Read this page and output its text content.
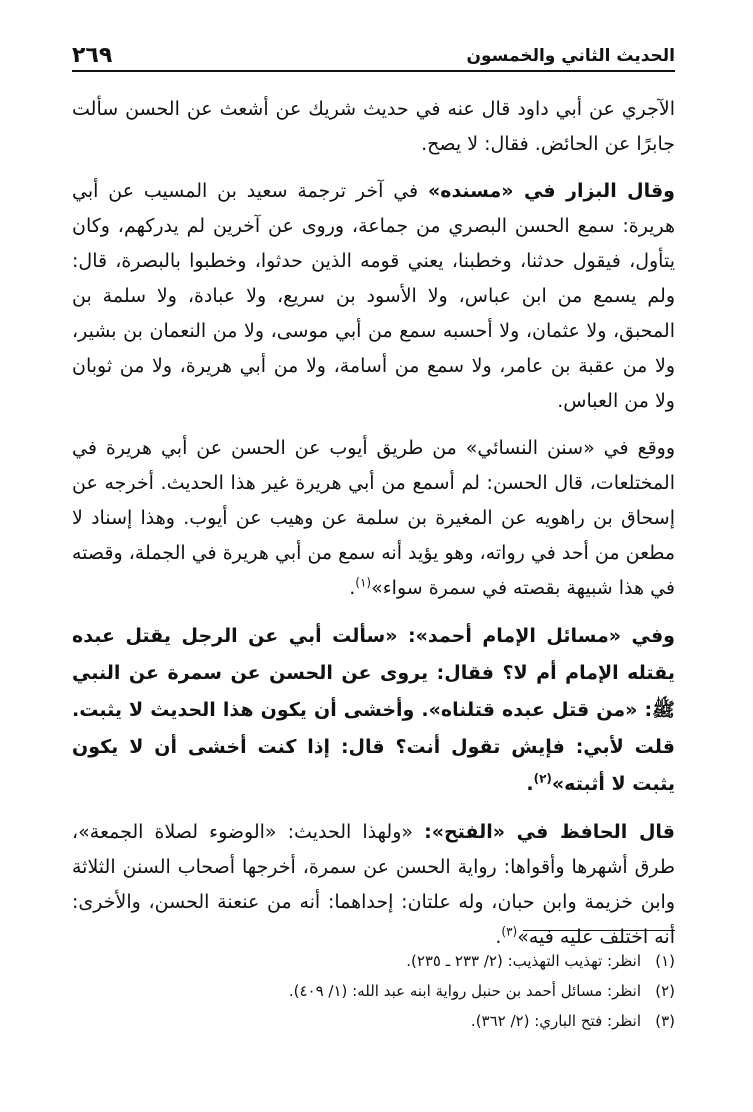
الحديث الثاني والخمسون
٢٦٩

الآجري عن أبي داود قال عنه في حديث شريك عن أشعث عن الحسن سألت جابرًا عن الحائض. فقال: لا يصح.

وقال البزار في «مسنده» في آخر ترجمة سعيد بن المسيب عن أبي هريرة: سمع الحسن البصري من جماعة، وروى عن آخرين لم يدركهم، وكان يتأول، فيقول حدثنا، وخطبنا، يعني قومه الذين حدثوا، وخطبوا بالبصرة، قال: ولم يسمع من ابن عباس، ولا الأسود بن سريع، ولا عبادة، ولا سلمة بن المحبق، ولا عثمان، ولا أحسبه سمع من أبي موسى، ولا من النعمان بن بشير، ولا من عقبة بن عامر، ولا سمع من أسامة، ولا من أبي هريرة، ولا من ثوبان ولا من العباس.

ووقع في «سنن النسائي» من طريق أيوب عن الحسن عن أبي هريرة في المختلعات، قال الحسن: لم أسمع من أبي هريرة غير هذا الحديث. أخرجه عن إسحاق بن راهويه عن المغيرة بن سلمة عن وهيب عن أيوب. وهذا إسناد لا مطعن من أحد في رواته، وهو يؤيد أنه سمع من أبي هريرة في الجملة، وقصته في هذا شبيهة بقصته في سمرة سواء»$^{(١)}$.

وفي «مسائل الإمام أحمد»: «سألت أبي عن الرجل يقتل عبده يقتله الإمام أم لا؟ فقال: يروى عن الحسن عن سمرة عن النبي ﷺ: «من قتل عبده قتلناه». وأخشى أن يكون هذا الحديث لا يثبت. قلت لأبي: فإيش تقول أنت؟ قال: إذا كنت أخشى أن لا يكون يثبت لا أثبته»$^{(٢)}$.

قال الحافظ في «الفتح»: «ولهذا الحديث: «الوضوء لصلاة الجمعة»، طرق أشهرها وأقواها: رواية الحسن عن سمرة، أخرجها أصحاب السنن الثلاثة وابن خزيمة وابن حبان، وله علتان: إحداهما: أنه من عنعنة الحسن، والأخرى: أنه اختلف عليه فيه»$^{(٣)}$.

(١)
انظر: تهذيب التهذيب: (٢/ ٢٣٣ ـ ٢٣٥).
(٢)
انظر: مسائل أحمد بن حنبل رواية ابنه عبد الله: (١/ ٤٠٩).
(٣)
انظر: فتح الباري: (٢/ ٣٦٢).
